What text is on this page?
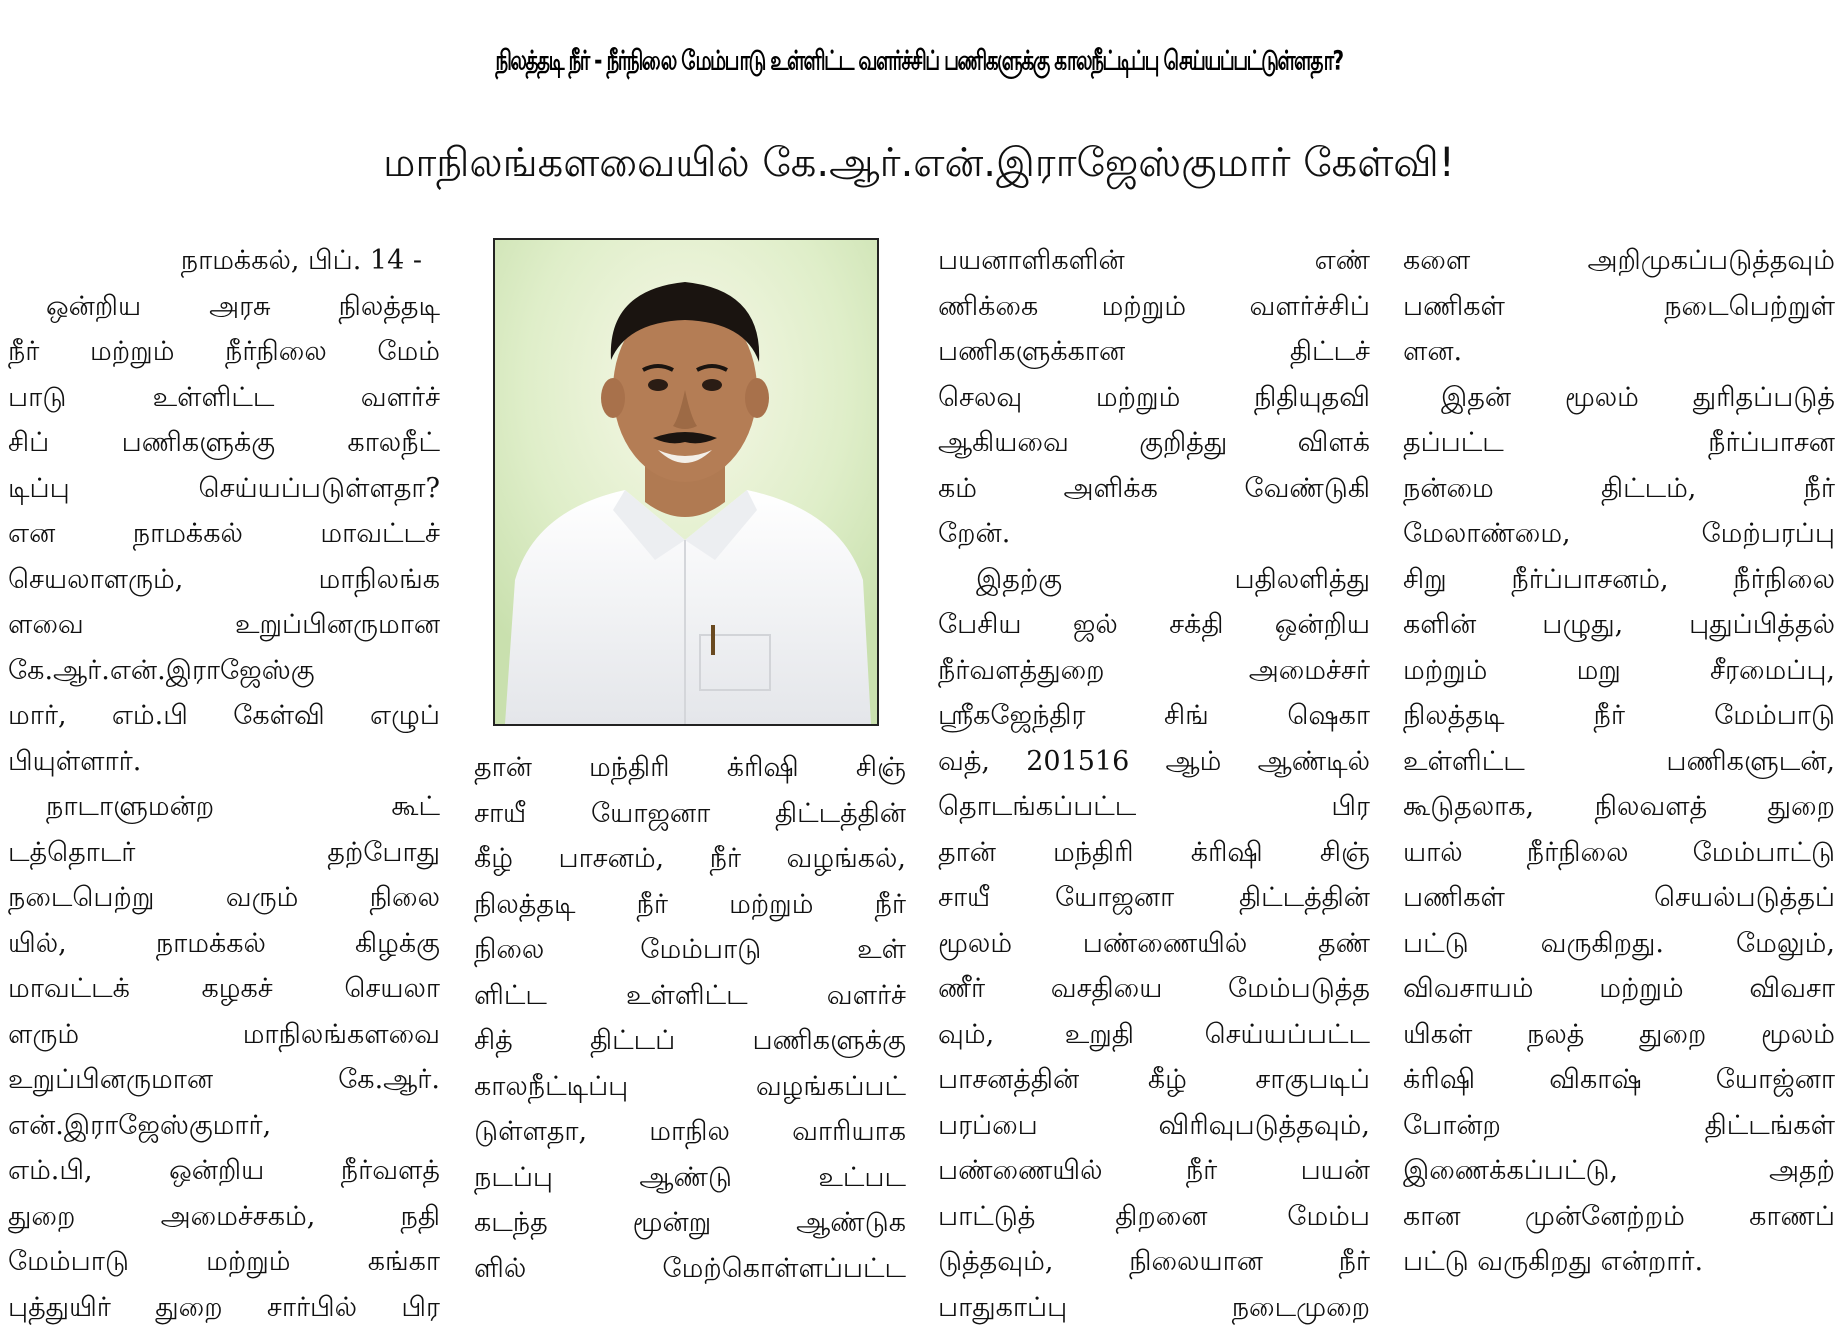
நிலத்தடி நீர் - நீர்நிலை மேம்பாடு உள்ளிட்ட வளர்ச்சிப் பணிகளுக்கு காலநீட்டிப்பு செய்யப்பட்டுள்ளதா?
மாநிலங்களவையில் கே.ஆர்.என்.இராஜேஸ்குமார் கேள்வி!
நாமக்கல், பிப். 14 -
ஒன்றிய அரசு நிலத்தடி
நீர் மற்றும் நீர்நிலை மேம்
பாடு உள்ளிட்ட வளர்ச்
சிப் பணிகளுக்கு காலநீட்
டிப்பு செய்யப்படுள்ளதா?
என நாமக்கல் மாவட்டச்
செயலாளரும், மாநிலங்க
ளவை உறுப்பினருமான
கே.ஆர்.என்.இராஜேஸ்கு
மார், எம்.பி கேள்வி எழுப்
பியுள்ளார்.
நாடாளுமன்ற கூட்
டத்தொடர் தற்போது
நடைபெற்று வரும் நிலை
யில், நாமக்கல் கிழக்கு
மாவட்டக் கழகச் செயலா
ளரும் மாநிலங்களவை
உறுப்பினருமான கே.ஆர்.
என்.இராஜேஸ்குமார்,
எம்.பி, ஒன்றிய நீர்வளத்
துறை அமைச்சகம், நதி
மேம்பாடு மற்றும் கங்கா
புத்துயிர் துறை சார்பில் பிர
தான் மந்திரி க்ரிஷி சிஞ்
சாயீ யோஜனா திட்டத்தின்
கீழ் பாசனம், நீர் வழங்கல்,
நிலத்தடி நீர் மற்றும் நீர்
நிலை மேம்பாடு உள்
ளிட்ட உள்ளிட்ட வளர்ச்
சித் திட்டப் பணிகளுக்கு
காலநீட்டிப்பு வழங்கப்பட்
டுள்ளதா, மாநில வாரியாக
நடப்பு ஆண்டு உட்பட
கடந்த மூன்று ஆண்டுக
ளில் மேற்கொள்ளப்பட்ட
பயனாளிகளின் எண்
ணிக்கை மற்றும் வளர்ச்சிப்
பணிகளுக்கான திட்டச்
செலவு மற்றும் நிதியுதவி
ஆகியவை குறித்து விளக்
கம் அளிக்க வேண்டுகி
றேன்.
இதற்கு பதிலளித்து
பேசிய ஜல் சக்தி ஒன்றிய
நீர்வளத்துறை அமைச்சர்
ஸ்ரீகஜேந்திர சிங் ஷெகா
வத், 201516 ஆம் ஆண்டில்
தொடங்கப்பட்ட பிர
தான் மந்திரி க்ரிஷி சிஞ்
சாயீ யோஜனா திட்டத்தின்
மூலம் பண்ணையில் தண்
ணீர் வசதியை மேம்படுத்த
வும், உறுதி செய்யப்பட்ட
பாசனத்தின் கீழ் சாகுபடிப்
பரப்பை விரிவுபடுத்தவும்,
பண்ணையில் நீர் பயன்
பாட்டுத் திறனை மேம்ப
டுத்தவும், நிலையான நீர்
பாதுகாப்பு நடைமுறை
களை அறிமுகப்படுத்தவும்
பணிகள் நடைபெற்றுள்
ளன.
இதன் மூலம் துரிதப்படுத்
தப்பட்ட நீர்ப்பாசன
நன்மை திட்டம், நீர்
மேலாண்மை, மேற்பரப்பு
சிறு நீர்ப்பாசனம், நீர்நிலை
களின் பழுது, புதுப்பித்தல்
மற்றும் மறு சீரமைப்பு,
நிலத்தடி நீர் மேம்பாடு
உள்ளிட்ட பணிகளுடன்,
கூடுதலாக, நிலவளத் துறை
யால் நீர்நிலை மேம்பாட்டு
பணிகள் செயல்படுத்தப்
பட்டு வருகிறது. மேலும்,
விவசாயம் மற்றும் விவசா
யிகள் நலத் துறை மூலம்
க்ரிஷி விகாஷ் யோஜ்னா
போன்ற திட்டங்கள்
இணைக்கப்பட்டு, அதற்
கான முன்னேற்றம் காணப்
பட்டு வருகிறது என்றார்.
